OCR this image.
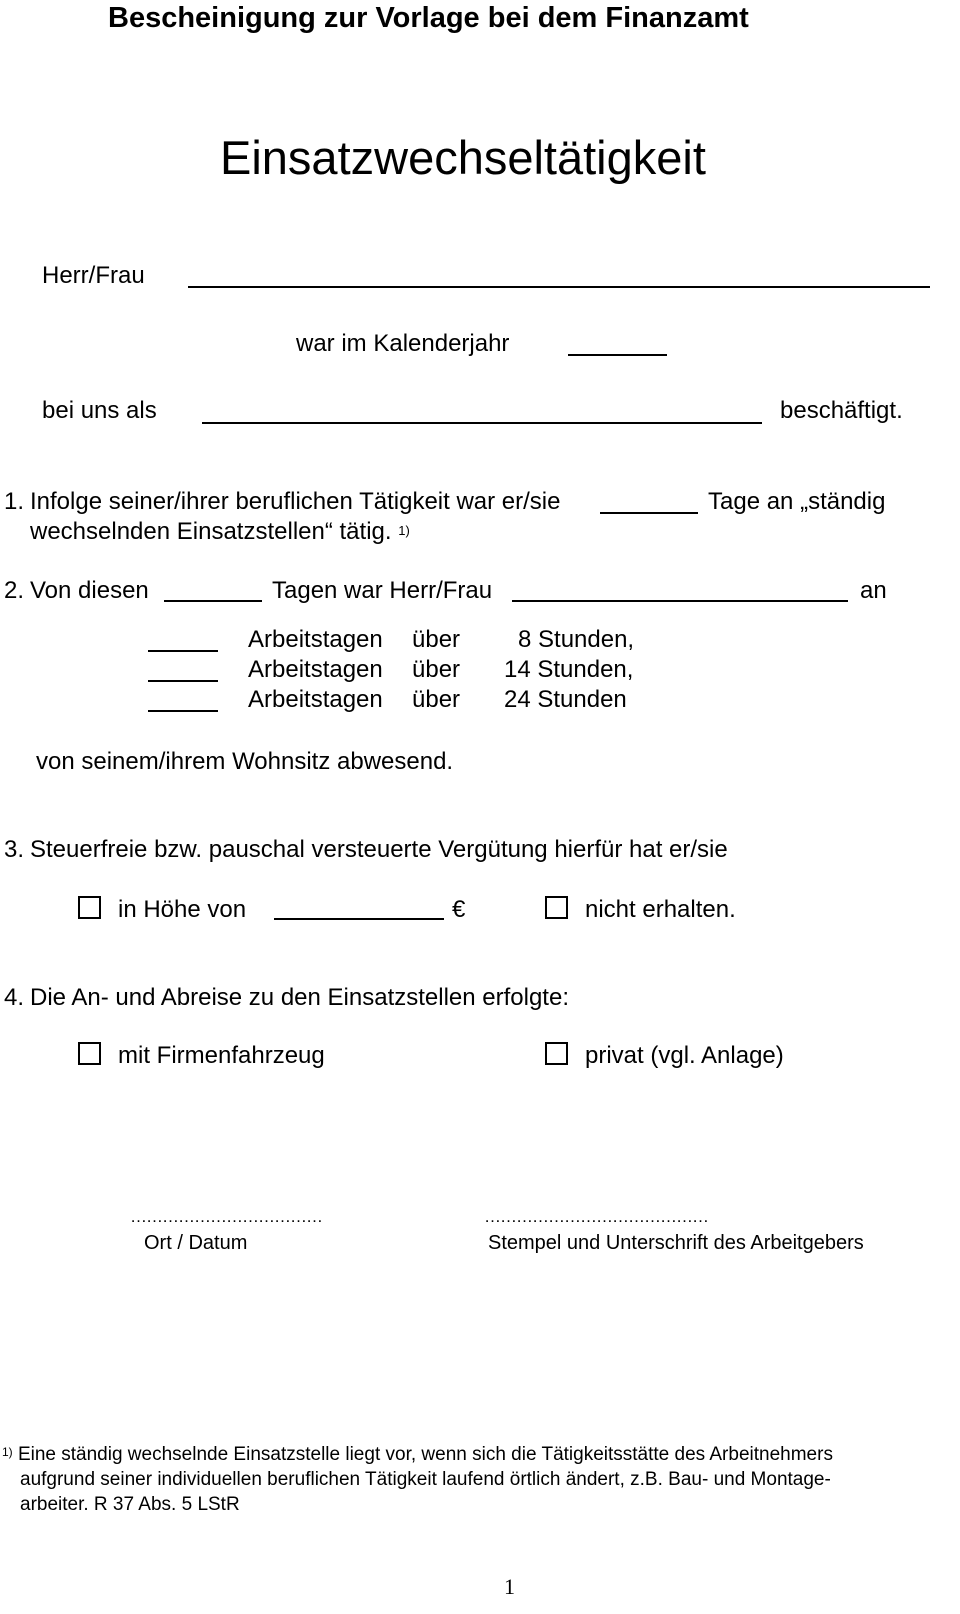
Bescheinigung zur Vorlage bei dem Finanzamt
Einsatzwechseltätigkeit
Herr/Frau
war im Kalenderjahr
bei uns als	beschäftigt.
1. Infolge seiner/ihrer beruflichen Tätigkeit war er/sie	Tage an „ständig
wechselnden Einsatzstellen“ tätig. $^{1)}$
2. Von diesen	Tagen war Herr/Frau	an
Arbeitstagen über 8 Stunden,
Arbeitstagen über 14 Stunden,
Arbeitstagen über 24 Stunden
von seinem/ihrem Wohnsitz abwesend.
3. Steuerfreie bzw. pauschal versteuerte Vergütung hierfür hat er/sie
in Höhe von	€	nicht erhalten.
4. Die An- und Abreise zu den Einsatzstellen erfolgte:
mit Firmenfahrzeug	privat (vgl. Anlage)
………………………………
Ort / Datum
……………………………………
Stempel und Unterschrift des Arbeitgebers
$^{1)}$ Eine ständig wechselnde Einsatzstelle liegt vor, wenn sich die Tätigkeitsstätte des Arbeitnehmers
aufgrund seiner individuellen beruflichen Tätigkeit laufend örtlich ändert, z.B. Bau- und Montage-
arbeiter. R 37 Abs. 5 LStR
1
